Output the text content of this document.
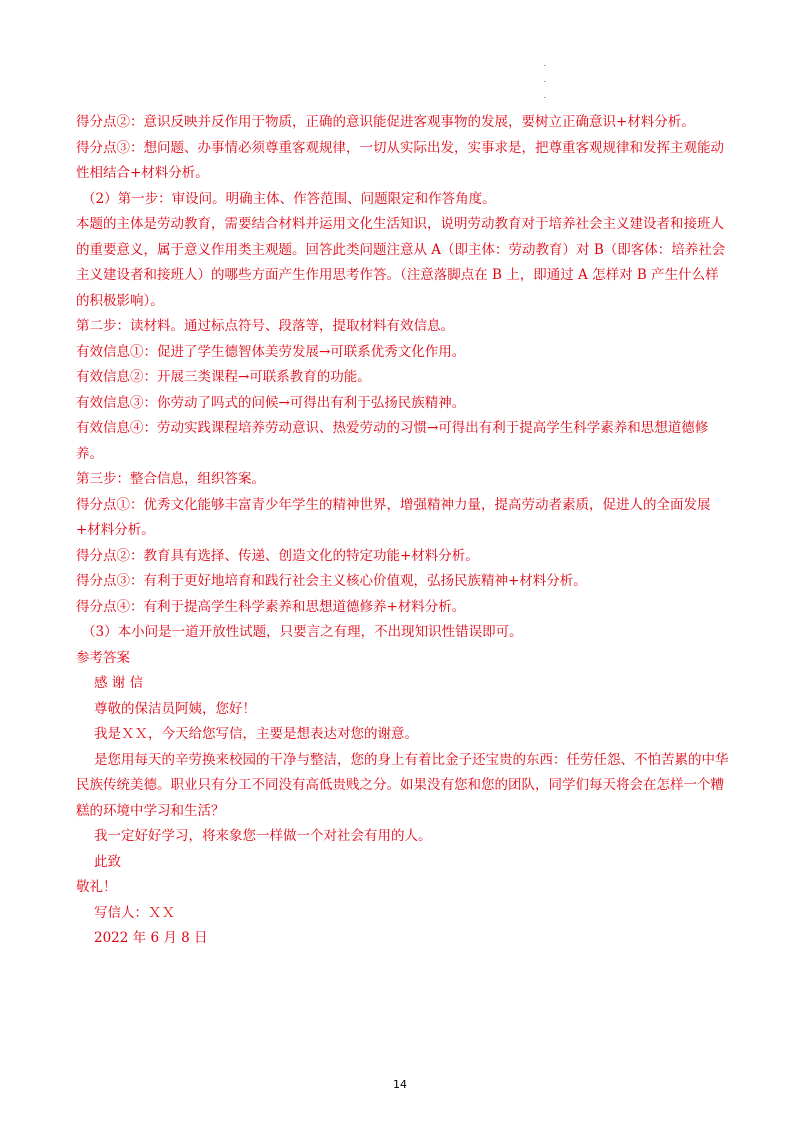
.
.
.
得分点②：意识反映并反作用于物质，正确的意识能促进客观事物的发展，要树立正确意识+材料分析。
得分点③：想问题、办事情必须尊重客观规律，一切从实际出发，实事求是，把尊重客观规律和发挥主观能动性相结合+材料分析。
（2）第一步：审设问。明确主体、作答范围、问题限定和作答角度。
本题的主体是劳动教育，需要结合材料并运用文化生活知识，说明劳动教育对于培养社会主义建设者和接班人的重要意义，属于意义作用类主观题。回答此类问题注意从 A（即主体：劳动教育）对 B（即客体：培养社会主义建设者和接班人）的哪些方面产生作用思考作答。（注意落脚点在 B 上，即通过 A 怎样对 B 产生什么样的积极影响）。
第二步：读材料。通过标点符号、段落等，提取材料有效信息。
有效信息①：促进了学生德智体美劳发展→可联系优秀文化作用。
有效信息②：开展三类课程→可联系教育的功能。
有效信息③：你劳动了吗式的问候→可得出有利于弘扬民族精神。
有效信息④：劳动实践课程培养劳动意识、热爱劳动的习惯→可得出有利于提高学生科学素养和思想道德修养。
第三步：整合信息，组织答案。
得分点①：优秀文化能够丰富青少年学生的精神世界，增强精神力量，提高劳动者素质，促进人的全面发展+材料分析。
得分点②：教育具有选择、传递、创造文化的特定功能+材料分析。
得分点③：有利于更好地培育和践行社会主义核心价值观，弘扬民族精神+材料分析。
得分点④：有利于提高学生科学素养和思想道德修养+材料分析。
（3）本小问是一道开放性试题，只要言之有理，不出现知识性错误即可。
参考答案
感 谢 信
尊敬的保洁员阿姨，您好！
我是ＸＸ，今天给您写信，主要是想表达对您的谢意。
是您用每天的辛劳换来校园的干净与整洁，您的身上有着比金子还宝贵的东西：任劳任怨、不怕苦累的中华民族传统美德。职业只有分工不同没有高低贵贱之分。如果没有您和您的团队，同学们每天将会在怎样一个糟糕的环境中学习和生活？
我一定好好学习，将来象您一样做一个对社会有用的人。
此致
敬礼！
写信人：ＸＸ
2022 年 6 月 8 日
14
